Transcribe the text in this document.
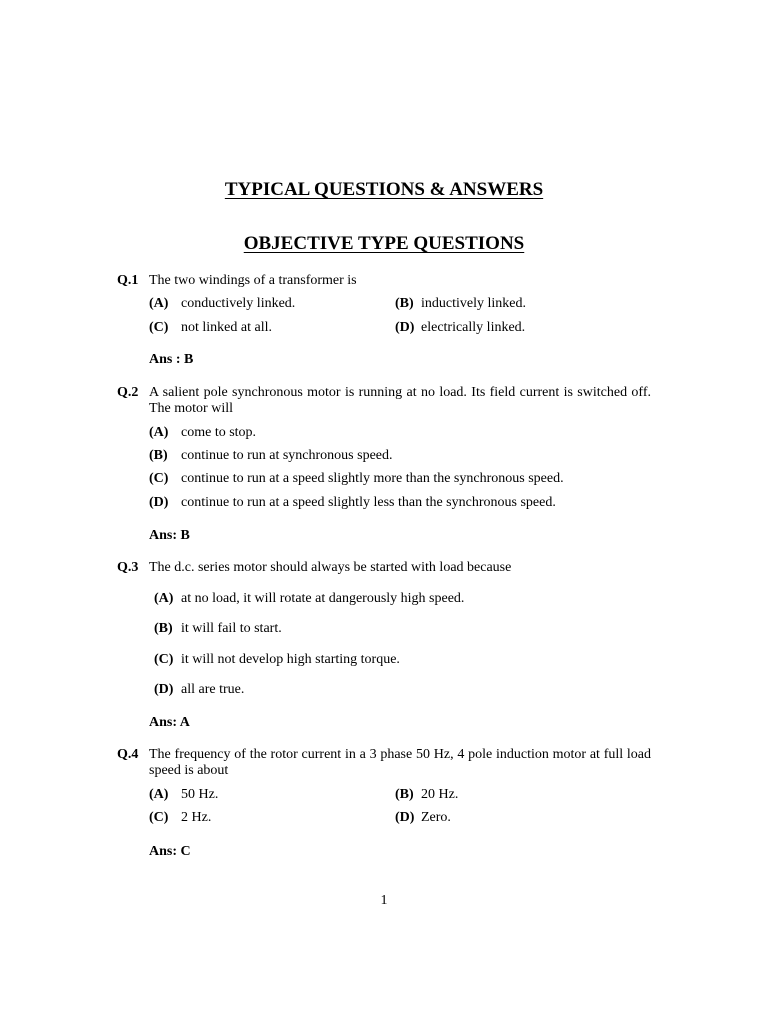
TYPICAL QUESTIONS & ANSWERS
OBJECTIVE TYPE QUESTIONS
Q.1 The two windings of a transformer is
(A) conductively linked.	(B) inductively linked.
(C) not linked at all.	(D) electrically linked.
Ans : B
Q.2 A salient pole synchronous motor is running at no load. Its field current is switched off. The motor will
(A) come to stop.
(B) continue to run at synchronous speed.
(C) continue to run at a speed slightly more than the synchronous speed.
(D) continue to run at a speed slightly less than the synchronous speed.
Ans: B
Q.3 The d.c. series motor should always be started with load because
(A) at no load, it will rotate at dangerously high speed.
(B) it will fail to start.
(C) it will not develop high starting torque.
(D) all are true.
Ans: A
Q.4 The frequency of the rotor current in a 3 phase 50 Hz, 4 pole induction motor at full load speed is about
(A) 50 Hz.	(B) 20 Hz.
(C) 2 Hz.	(D) Zero.
Ans: C
1
